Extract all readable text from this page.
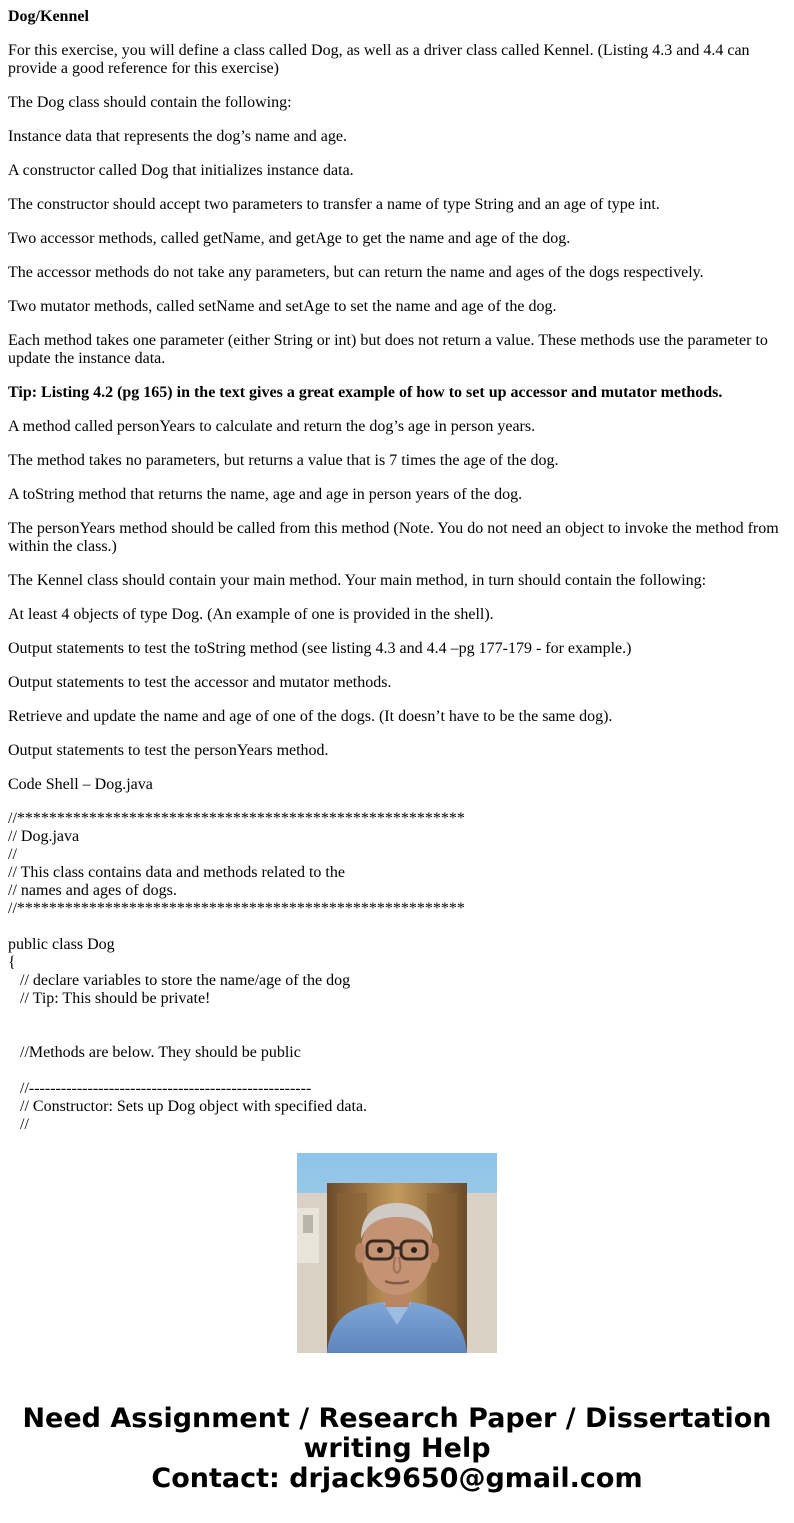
Dog/Kennel

For this exercise, you will define a class called Dog, as well as a driver class called Kennel. (Listing 4.3 and 4.4 can provide a good reference for this exercise)

The Dog class should contain the following:

Instance data that represents the dog’s name and age.

A constructor called Dog that initializes instance data.

The constructor should accept two parameters to transfer a name of type String and an age of type int.

Two accessor methods, called getName, and getAge to get the name and age of the dog.

The accessor methods do not take any parameters, but can return the name and ages of the dogs respectively.

Two mutator methods, called setName and setAge to set the name and age of the dog.

Each method takes one parameter (either String or int) but does not return a value. These methods use the parameter to update the instance data.

Tip: Listing 4.2 (pg 165) in the text gives a great example of how to set up accessor and mutator methods.

A method called personYears to calculate and return the dog’s age in person years.

The method takes no parameters, but returns a value that is 7 times the age of the dog.

A toString method that returns the name, age and age in person years of the dog.

The personYears method should be called from this method (Note. You do not need an object to invoke the method from within the class.)

The Kennel class should contain your main method. Your main method, in turn should contain the following:

At least 4 objects of type Dog. (An example of one is provided in the shell).

Output statements to test the toString method (see listing 4.3 and 4.4 –pg 177-179 - for example.)

Output statements to test the accessor and mutator methods.

Retrieve and update the name and age of one of the dogs. (It doesn’t have to be the same dog).

Output statements to test the personYears method.

Code Shell – Dog.java

//********************************************************
// Dog.java
//
// This class contains data and methods related to the
// names and ages of dogs.
//********************************************************
public class Dog
{
// declare variables to store the name/age of the dog
// Tip: This should be private!
//Methods are below. They should be public
//-----------------------------------------------------
// Constructor: Sets up Dog object with specified data.
//
Need Assignment / Research Paper / Dissertation
writing Help
Contact: drjack9650@gmail.com
